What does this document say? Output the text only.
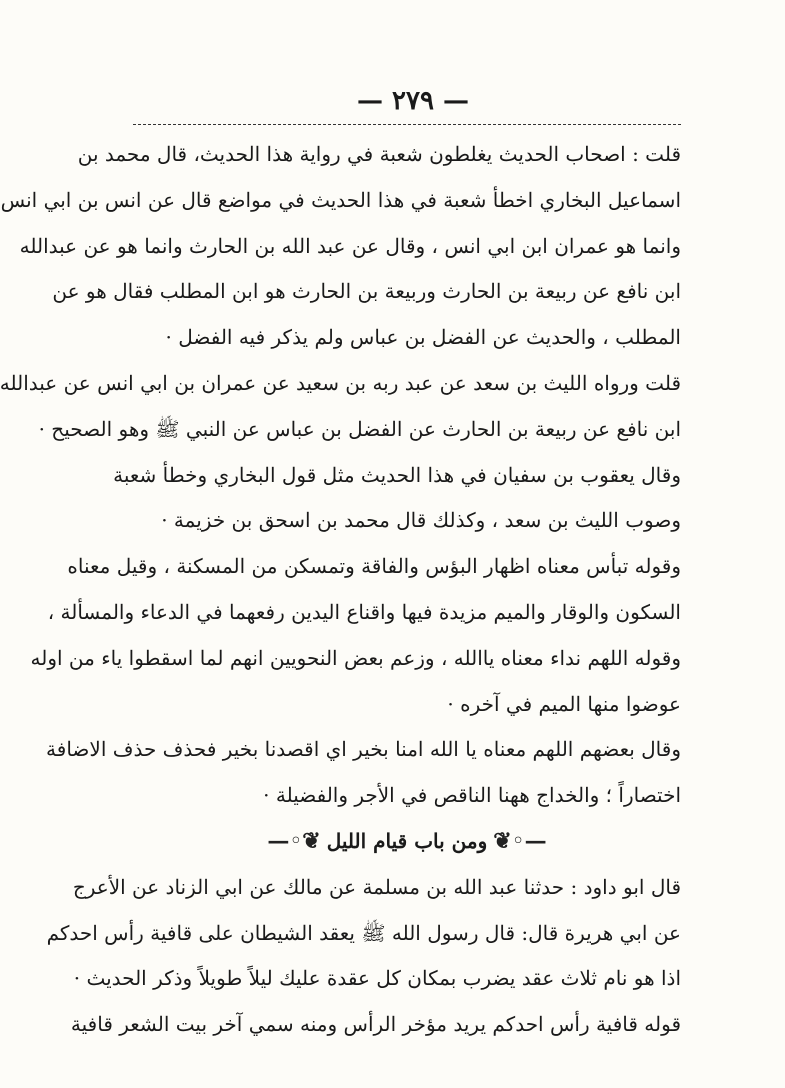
— ٢٧٩ —
قلت : اصحاب الحديث يغلطون شعبة في رواية هذا الحديث، قال محمد بن
اسماعيل البخاري اخطأ شعبة في هذا الحديث في مواضع قال عن انس بن ابي انس
وانما هو عمران ابن ابي انس ، وقال عن عبد الله بن الحارث وانما هو عن عبدالله
ابن نافع عن ربيعة بن الحارث وربيعة بن الحارث هو ابن المطلب فقال هو عن
المطلب ، والحديث عن الفضل بن عباس ولم يذكر فيه الفضل ·
قلت ورواه الليث بن سعد عن عبد ربه بن سعيد عن عمران بن ابي انس عن عبدالله
ابن نافع عن ربيعة بن الحارث عن الفضل بن عباس عن النبي ﷺ وهو الصحيح ·
وقال يعقوب بن سفيان في هذا الحديث مثل قول البخاري وخطأ شعبة
وصوب الليث بن سعد ، وكذلك قال محمد بن اسحق بن خزيمة ·
وقوله تبأس معناه اظهار البؤس والفاقة وتمسكن من المسكنة ، وقيل معناه
السكون والوقار والميم مزيدة فيها واقناع اليدين رفعهما في الدعاء والمسألة ،
وقوله اللهم نداء معناه ياالله ، وزعم بعض النحويين انهم لما اسقطوا ياء من اوله
عوضوا منها الميم في آخره ·
وقال بعضهم اللهم معناه يا الله امنا بخير اي اقصدنا بخير فحذف حذف الاضافة
اختصاراً ؛ والخداج ههنا الناقص في الأجر والفضيلة ·
—◦❦ومن باب قيام الليل❦◦—
قال ابو داود : حدثنا عبد الله بن مسلمة عن مالك عن ابي الزناد عن الأعرج
عن ابي هريرة قال: قال رسول الله ﷺ يعقد الشيطان على قافية رأس احدكم
اذا هو نام ثلاث عقد يضرب بمكان كل عقدة عليك ليلاً طويلاً وذكر الحديث ·
قوله قافية رأس احدكم يريد مؤخر الرأس ومنه سمي آخر بيت الشعر قافية
